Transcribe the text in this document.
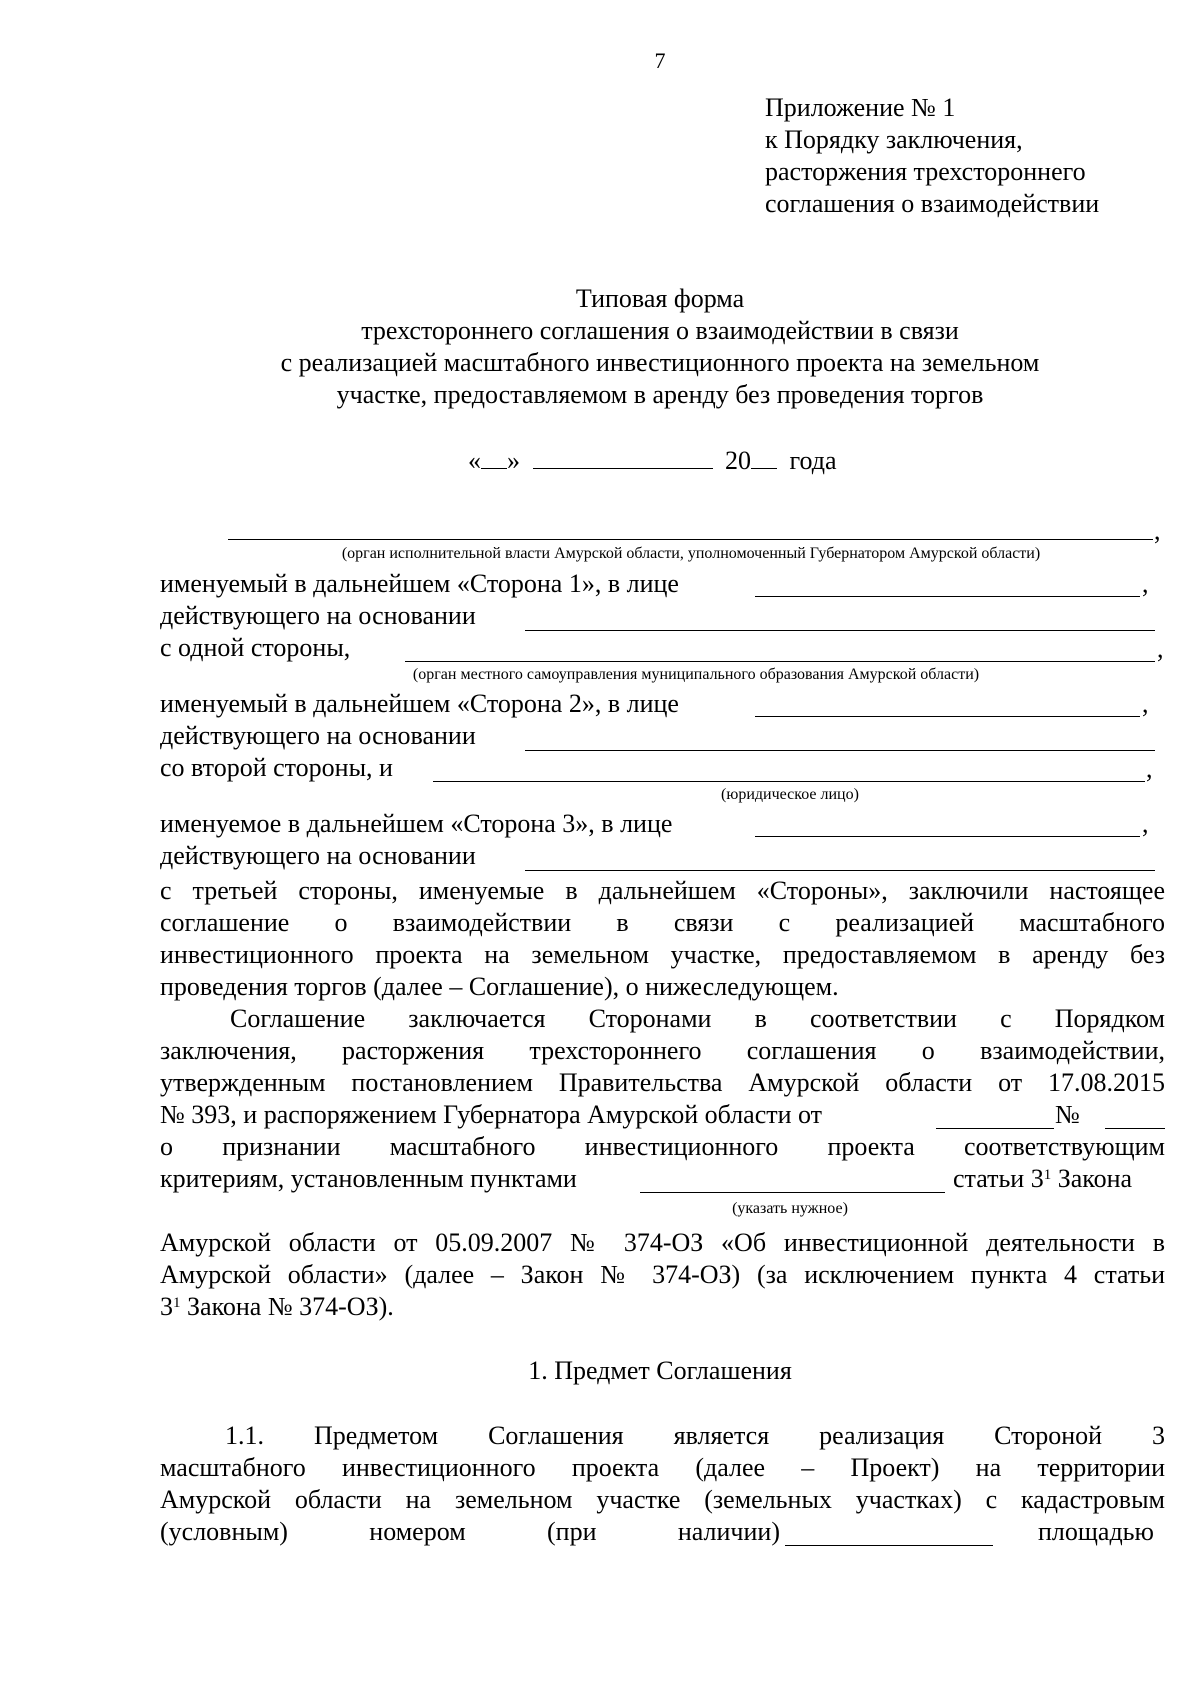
7
Приложение № 1
к Порядку заключения,
расторжения трехстороннего
соглашения о взаимодействии
Типовая форма
трехстороннего соглашения о взаимодействии в связи
с реализацией масштабного инвестиционного проекта на земельном
участке, предоставляемом в аренду без проведения торгов
« »	20 года
,
(орган исполнительной власти Амурской области, уполномоченный Губернатором Амурской области)
именуемый в дальнейшем «Сторона 1», в лице	,
действующего на основании
с одной стороны,	,
(орган местного самоуправления муниципального образования Амурской области)
именуемый в дальнейшем «Сторона 2», в лице	,
действующего на основании
со второй стороны, и	,
(юридическое лицо)
именуемое в дальнейшем «Сторона 3», в лице	,
действующего на основании
с третьей стороны, именуемые в дальнейшем «Стороны», заключили настоящее
соглашение о взаимодействии в связи с реализацией масштабного
инвестиционного проекта на земельном участке, предоставляемом в аренду без
проведения торгов (далее – Соглашение), о нижеследующем.
Соглашение заключается Сторонами в соответствии с Порядком
заключения, расторжения трехстороннего соглашения о взаимодействии,
утвержденным постановлением Правительства Амурской области от 17.08.2015
№ 393, и распоряжением Губернатора Амурской области от	№
о признании масштабного инвестиционного проекта соответствующим
критериям, установленным пунктами	статьи $3^1$ Закона
(указать нужное)
Амурской области от 05.09.2007 № 374-ОЗ «Об инвестиционной деятельности в
Амурской области» (далее – Закон № 374-ОЗ) (за исключением пункта 4 статьи
$3^1$ Закона № 374-ОЗ).
1. Предмет Соглашения
1.1. Предметом Соглашения является реализация Стороной 3
масштабного инвестиционного проекта (далее – Проект) на территории
Амурской области на земельном участке (земельных участках) с кадастровым
(условным) номером (при наличии)	площадью
